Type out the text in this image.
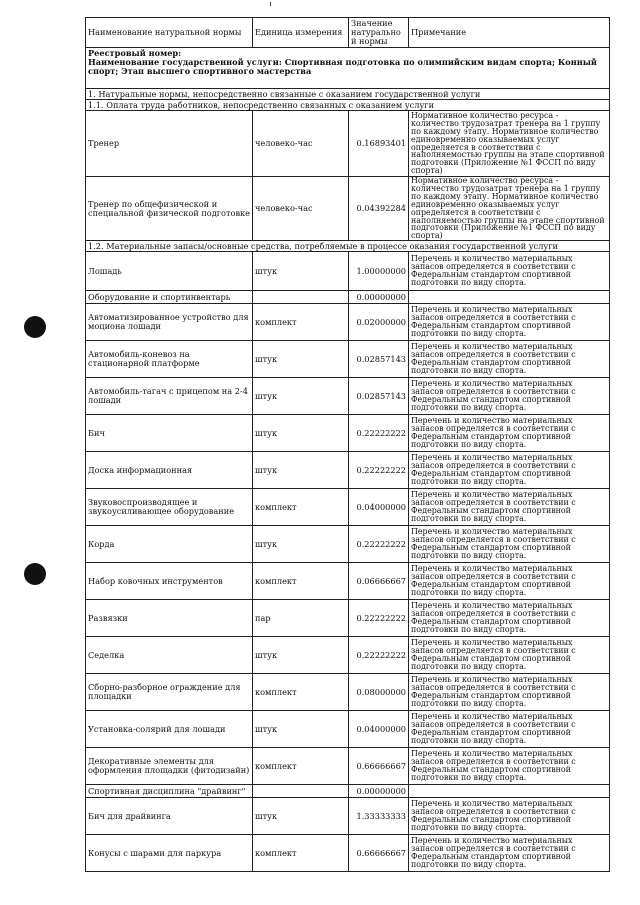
Наименование натуральной нормы	Единица измерения	Значение натуральной нормы	Примечание

Реестровый номер:
Наименование государственной услуги: Спортивная подготовка по олимпийским видам спорта; Конный спорт; Этап высшего спортивного мастерства			

1. Натуральные нормы, непосредственно связанные с оказанием государственной услуги			
1.1. Оплата труда работников, непосредственно связанных с оказанием услуги			
Тренер	человеко-час	0.16893401	Нормативное количество ресурса - количество трудозатрат тренера на 1 группу по каждому этапу. Нормативное количество единовременно оказываемых услуг определяется в соответствии с наполняемостью группы на этапе спортивной подготовки (Приложение №1 ФССП по виду спорта)
Тренер по общефизической и специальной физической подготовке	человеко-час	0.04392284	Нормативное количество ресурса - количество трудозатрат тренера на 1 группу по каждому этапу. Нормативное количество единовременно оказываемых услуг определяется в соответствии с наполняемостью группы на этапе спортивной подготовки (Приложение №1 ФССП по виду спорта)
1.2. Материальные запасы/основные средства, потребляемые в процессе оказания государственной услуги			
Лошадь	штук	1.00000000	Перечень и количество материальных запасов определяется в соответствии с Федеральным стандартом спортивной подготовки по виду спорта.
Оборудование и спортинвентарь		0.00000000	
Автоматизированное устройство для моциона лошади	комплект	0.02000000	Перечень и количество материальных запасов определяется в соответствии с Федеральным стандартом спортивной подготовки по виду спорта.
Автомобиль-коневоз на стационарной платформе	штук	0.02857143	Перечень и количество материальных запасов определяется в соответствии с Федеральным стандартом спортивной подготовки по виду спорта.
Автомобиль-тагач с прицепом на 2-4 лошади	штук	0.02857143	Перечень и количество материальных запасов определяется в соответствии с Федеральным стандартом спортивной подготовки по виду спорта.
Бич	штук	0.22222222	Перечень и количество материальных запасов определяется в соответствии с Федеральным стандартом спортивной подготовки по виду спорта.
Доска информационная	штук	0.22222222	Перечень и количество материальных запасов определяется в соответствии с Федеральным стандартом спортивной подготовки по виду спорта.
Звуковоспроизводящее и звукоусиливающее оборудование	комплект	0.04000000	Перечень и количество материальных запасов определяется в соответствии с Федеральным стандартом спортивной подготовки по виду спорта.
Корда	штук	0.22222222	Перечень и количество материальных запасов определяется в соответствии с Федеральным стандартом спортивной подготовки по виду спорта.
Набор ковочных инструментов	комплект	0.06666667	Перечень и количество материальных запасов определяется в соответствии с Федеральным стандартом спортивной подготовки по виду спорта.
Развязки	пар	0.22222222	Перечень и количество материальных запасов определяется в соответствии с Федеральным стандартом спортивной подготовки по виду спорта.
Седелка	штук	0.22222222	Перечень и количество материальных запасов определяется в соответствии с Федеральным стандартом спортивной подготовки по виду спорта.
Сборно-разборное ограждение для площадки	комплект	0.08000000	Перечень и количество материальных запасов определяется в соответствии с Федеральным стандартом спортивной подготовки по виду спорта.
Установка-солярий для лошади	штук	0.04000000	Перечень и количество материальных запасов определяется в соответствии с Федеральным стандартом спортивной подготовки по виду спорта.
Декоративные элементы для оформления площадки (фитодизайн)	комплект	0.66666667	Перечень и количество материальных запасов определяется в соответствии с Федеральным стандартом спортивной подготовки по виду спорта.
Спортивная дисциплина "драйвинг"		0.00000000	
Бич для драйвинга	штук	1.33333333	Перечень и количество материальных запасов определяется в соответствии с Федеральным стандартом спортивной подготовки по виду спорта.
Конусы с шарами для паркура	комплект	0.66666667	Перечень и количество материальных запасов определяется в соответствии с Федеральным стандартом спортивной подготовки по виду спорта.
